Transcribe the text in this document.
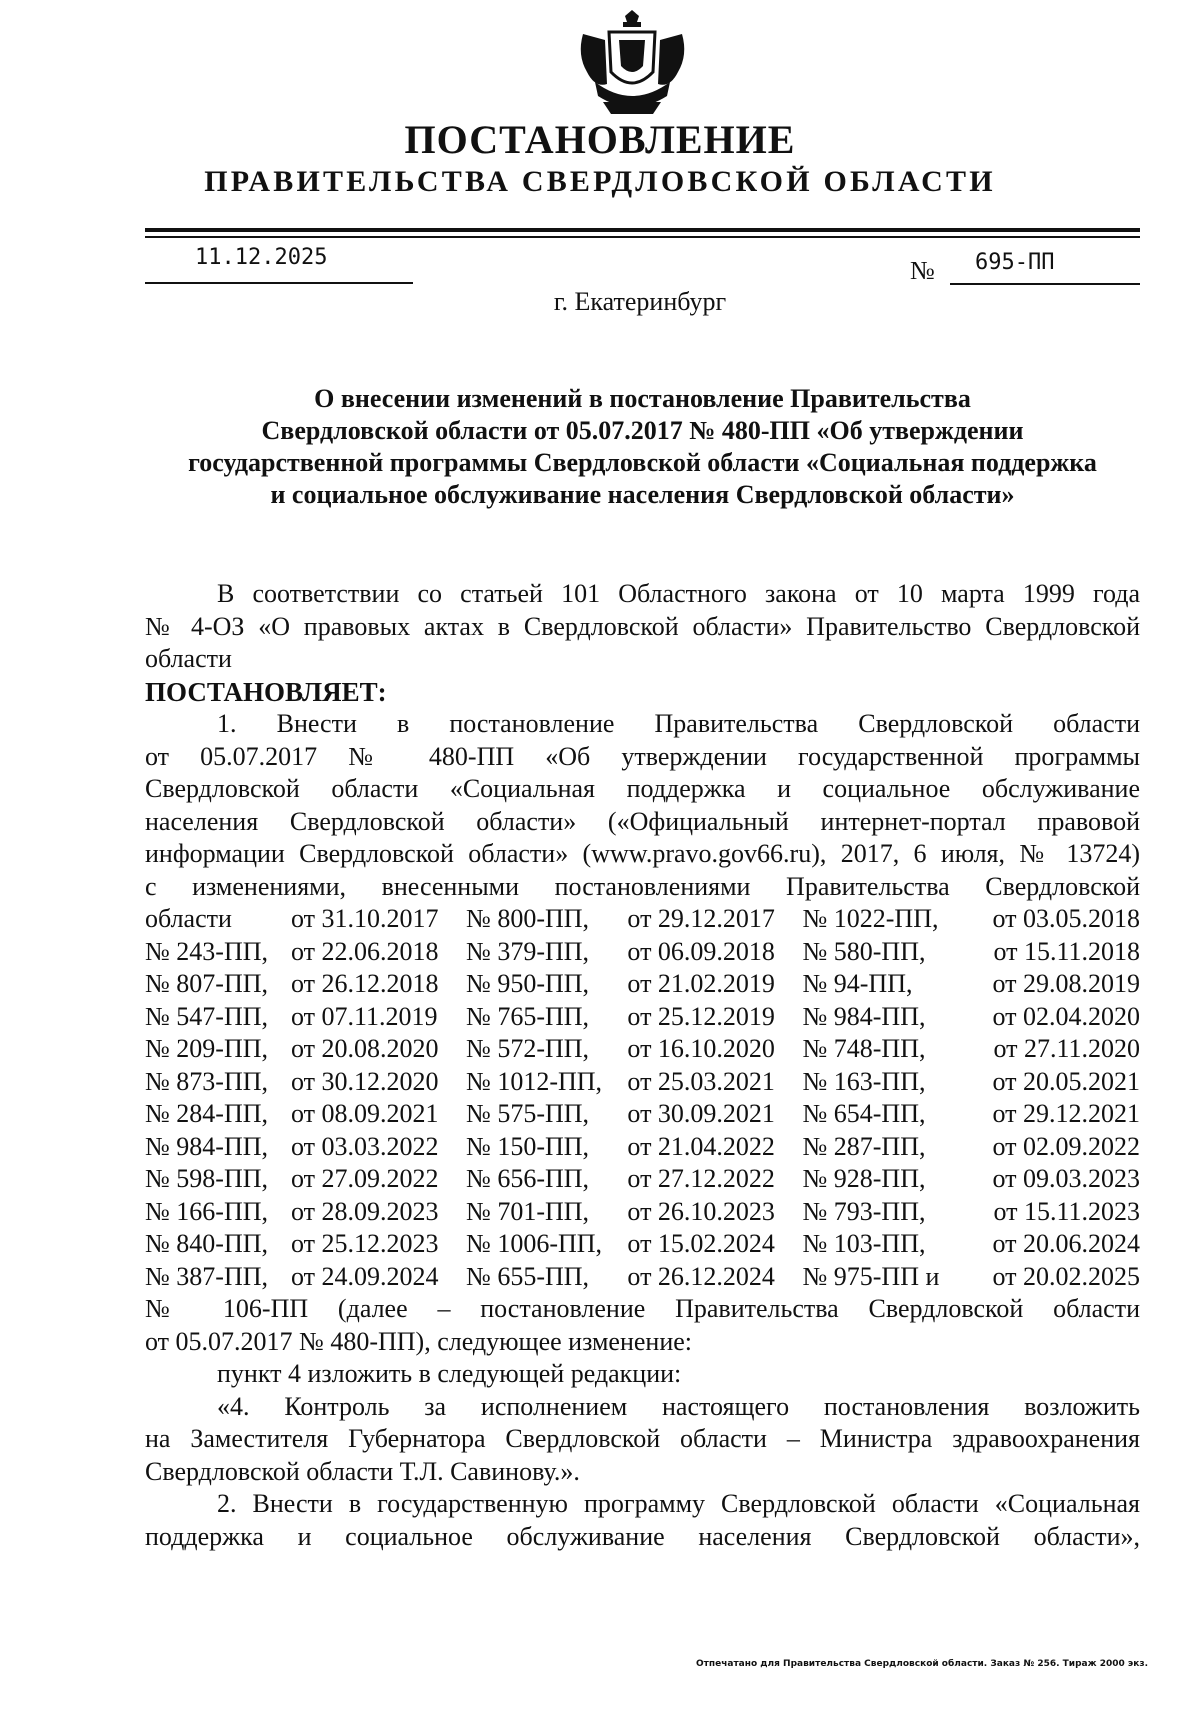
ПОСТАНОВЛЕНИЕ
ПРАВИТЕЛЬСТВА СВЕРДЛОВСКОЙ ОБЛАСТИ
11.12.2025	№ 695-ПП
г. Екатеринбург
О внесении изменений в постановление Правительства
Свердловской области от 05.07.2017 № 480-ПП «Об утверждении
государственной программы Свердловской области «Социальная поддержка
и социальное обслуживание населения Свердловской области»

В соответствии со статьей 101 Областного закона от 10 марта 1999 года

№ 4-ОЗ «О правовых актах в Свердловской области» Правительство Свердловской

области

ПОСТАНОВЛЯЕТ:

1. Внести в постановление Правительства Свердловской области

от 05.07.2017 № 480-ПП «Об утверждении государственной программы

Свердловской области «Социальная поддержка и социальное обслуживание

населения Свердловской области» («Официальный интернет-портал правовой

информации Свердловской области» (www.pravo.gov66.ru), 2017, 6 июля, № 13724)

с изменениями, внесенными постановлениями Правительства Свердловской

области	от 31.10.2017	№ 800-ПП,	от 29.12.2017	№ 1022-ПП,	от 03.05.2018
№ 243-ПП,	от 22.06.2018	№ 379-ПП,	от 06.09.2018	№ 580-ПП,	от 15.11.2018
№ 807-ПП,	от 26.12.2018	№ 950-ПП,	от 21.02.2019	№ 94-ПП,	от 29.08.2019
№ 547-ПП,	от 07.11.2019	№ 765-ПП,	от 25.12.2019	№ 984-ПП,	от 02.04.2020
№ 209-ПП,	от 20.08.2020	№ 572-ПП,	от 16.10.2020	№ 748-ПП,	от 27.11.2020
№ 873-ПП,	от 30.12.2020	№ 1012-ПП,	от 25.03.2021	№ 163-ПП,	от 20.05.2021
№ 284-ПП,	от 08.09.2021	№ 575-ПП,	от 30.09.2021	№ 654-ПП,	от 29.12.2021
№ 984-ПП,	от 03.03.2022	№ 150-ПП,	от 21.04.2022	№ 287-ПП,	от 02.09.2022
№ 598-ПП,	от 27.09.2022	№ 656-ПП,	от 27.12.2022	№ 928-ПП,	от 09.03.2023
№ 166-ПП,	от 28.09.2023	№ 701-ПП,	от 26.10.2023	№ 793-ПП,	от 15.11.2023
№ 840-ПП,	от 25.12.2023	№ 1006-ПП,	от 15.02.2024	№ 103-ПП,	от 20.06.2024
№ 387-ПП,	от 24.09.2024	№ 655-ПП,	от 26.12.2024	№ 975-ПП и	от 20.02.2025

№ 106-ПП (далее – постановление Правительства Свердловской области

от 05.07.2017 № 480-ПП), следующее изменение:

пункт 4 изложить в следующей редакции:

«4. Контроль за исполнением настоящего постановления возложить

на Заместителя Губернатора Свердловской области – Министра здравоохранения

Свердловской области Т.Л. Савинову.».

2. Внести в государственную программу Свердловской области «Социальная

поддержка и социальное обслуживание населения Свердловской области»,

Отпечатано для Правительства Свердловской области. Заказ № 256. Тираж 2000 экз.
